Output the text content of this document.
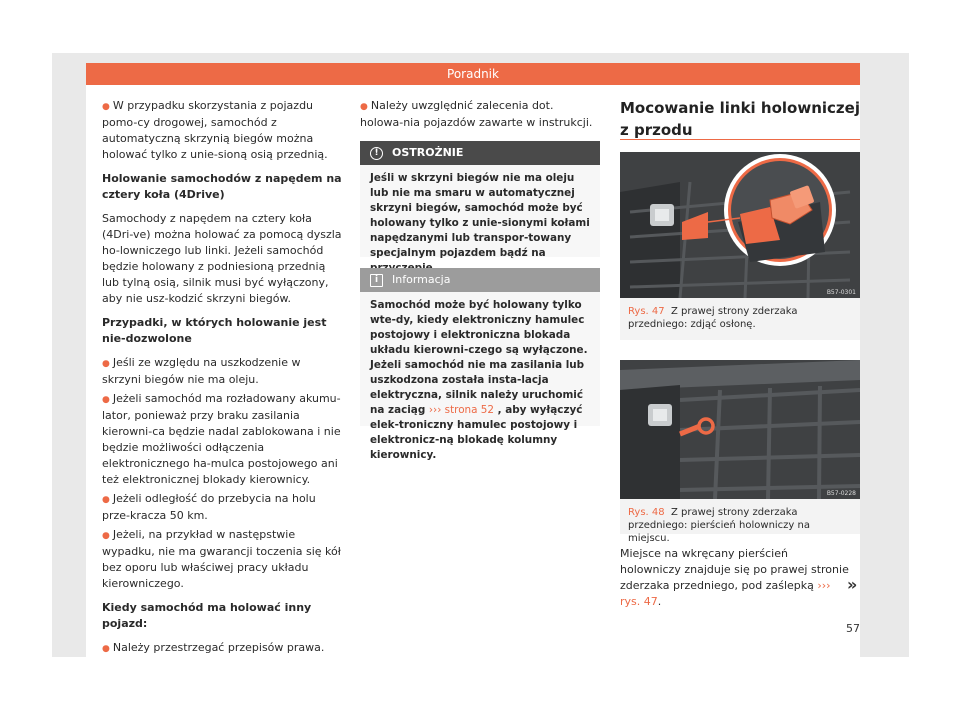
Poradnik

● W przypadku skorzystania z pojazdu pomo-cy drogowej, samochód z automatyczną skrzynią biegów można holować tylko z unie-sioną osią przednią.

Holowanie samochodów z napędem na cztery koła (4Drive)

Samochody z napędem na cztery koła (4Dri-ve) można holować za pomocą dyszla ho-lowniczego lub linki. Jeżeli samochód będzie holowany z podniesioną przednią lub tylną osią, silnik musi być wyłączony, aby nie usz-kodzić skrzyni biegów.

Przypadki, w których holowanie jest nie-dozwolone

● Jeśli ze względu na uszkodzenie w skrzyni biegów nie ma oleju.

● Jeżeli samochód ma rozładowany akumu-lator, ponieważ przy braku zasilania kierowni-ca będzie nadal zablokowana i nie będzie możliwości odłączenia elektronicznego ha-mulca postojowego ani też elektronicznej blokady kierownicy.

● Jeżeli odległość do przebycia na holu prze-kracza 50 km.

● Jeżeli, na przykład w następstwie wypadku, nie ma gwarancji toczenia się kół bez oporu lub właściwej pracy układu kierowniczego.

Kiedy samochód ma holować inny pojazd:

● Należy przestrzegać przepisów prawa.

● Należy uwzględnić zalecenia dot. holowa-nia pojazdów zawarte w instrukcji.

!	OSTROŻNIE
Jeśli w skrzyni biegów nie ma oleju lub nie ma smaru w automatycznej skrzyni biegów, samochód może być holowany tylko z unie-sionymi kołami napędzanymi lub transpor-towany specjalnym pojazdem bądź na
i	Informacja
Samochód może być holowany tylko wte-dy, kiedy elektroniczny hamulec postojowy i elektroniczna blokada układu kierowni-czego są wyłączone. Jeżeli samochód nie ma zasilania lub uszkodzona została insta-lacja elektryczna, silnik należy uruchomić na zaciąg ››› strona 52 , aby wyłączyć elek-troniczny hamulec postojowy i elektronicz-ną blokadę kolumny kierownicy.
Mocowanie linki holowniczej z przodu
B57-0301
Rys. 47 Z prawej strony zderzaka przedniego: zdjąć osłonę.
B57-0228
Rys. 48 Z prawej strony zderzaka przedniego: pierścień holowniczy na miejscu.
Miejsce na wkręcany pierścień holowniczy znajduje się po prawej stronie zderzaka przedniego, pod zaślepką ››› rys. 47.
»
57
